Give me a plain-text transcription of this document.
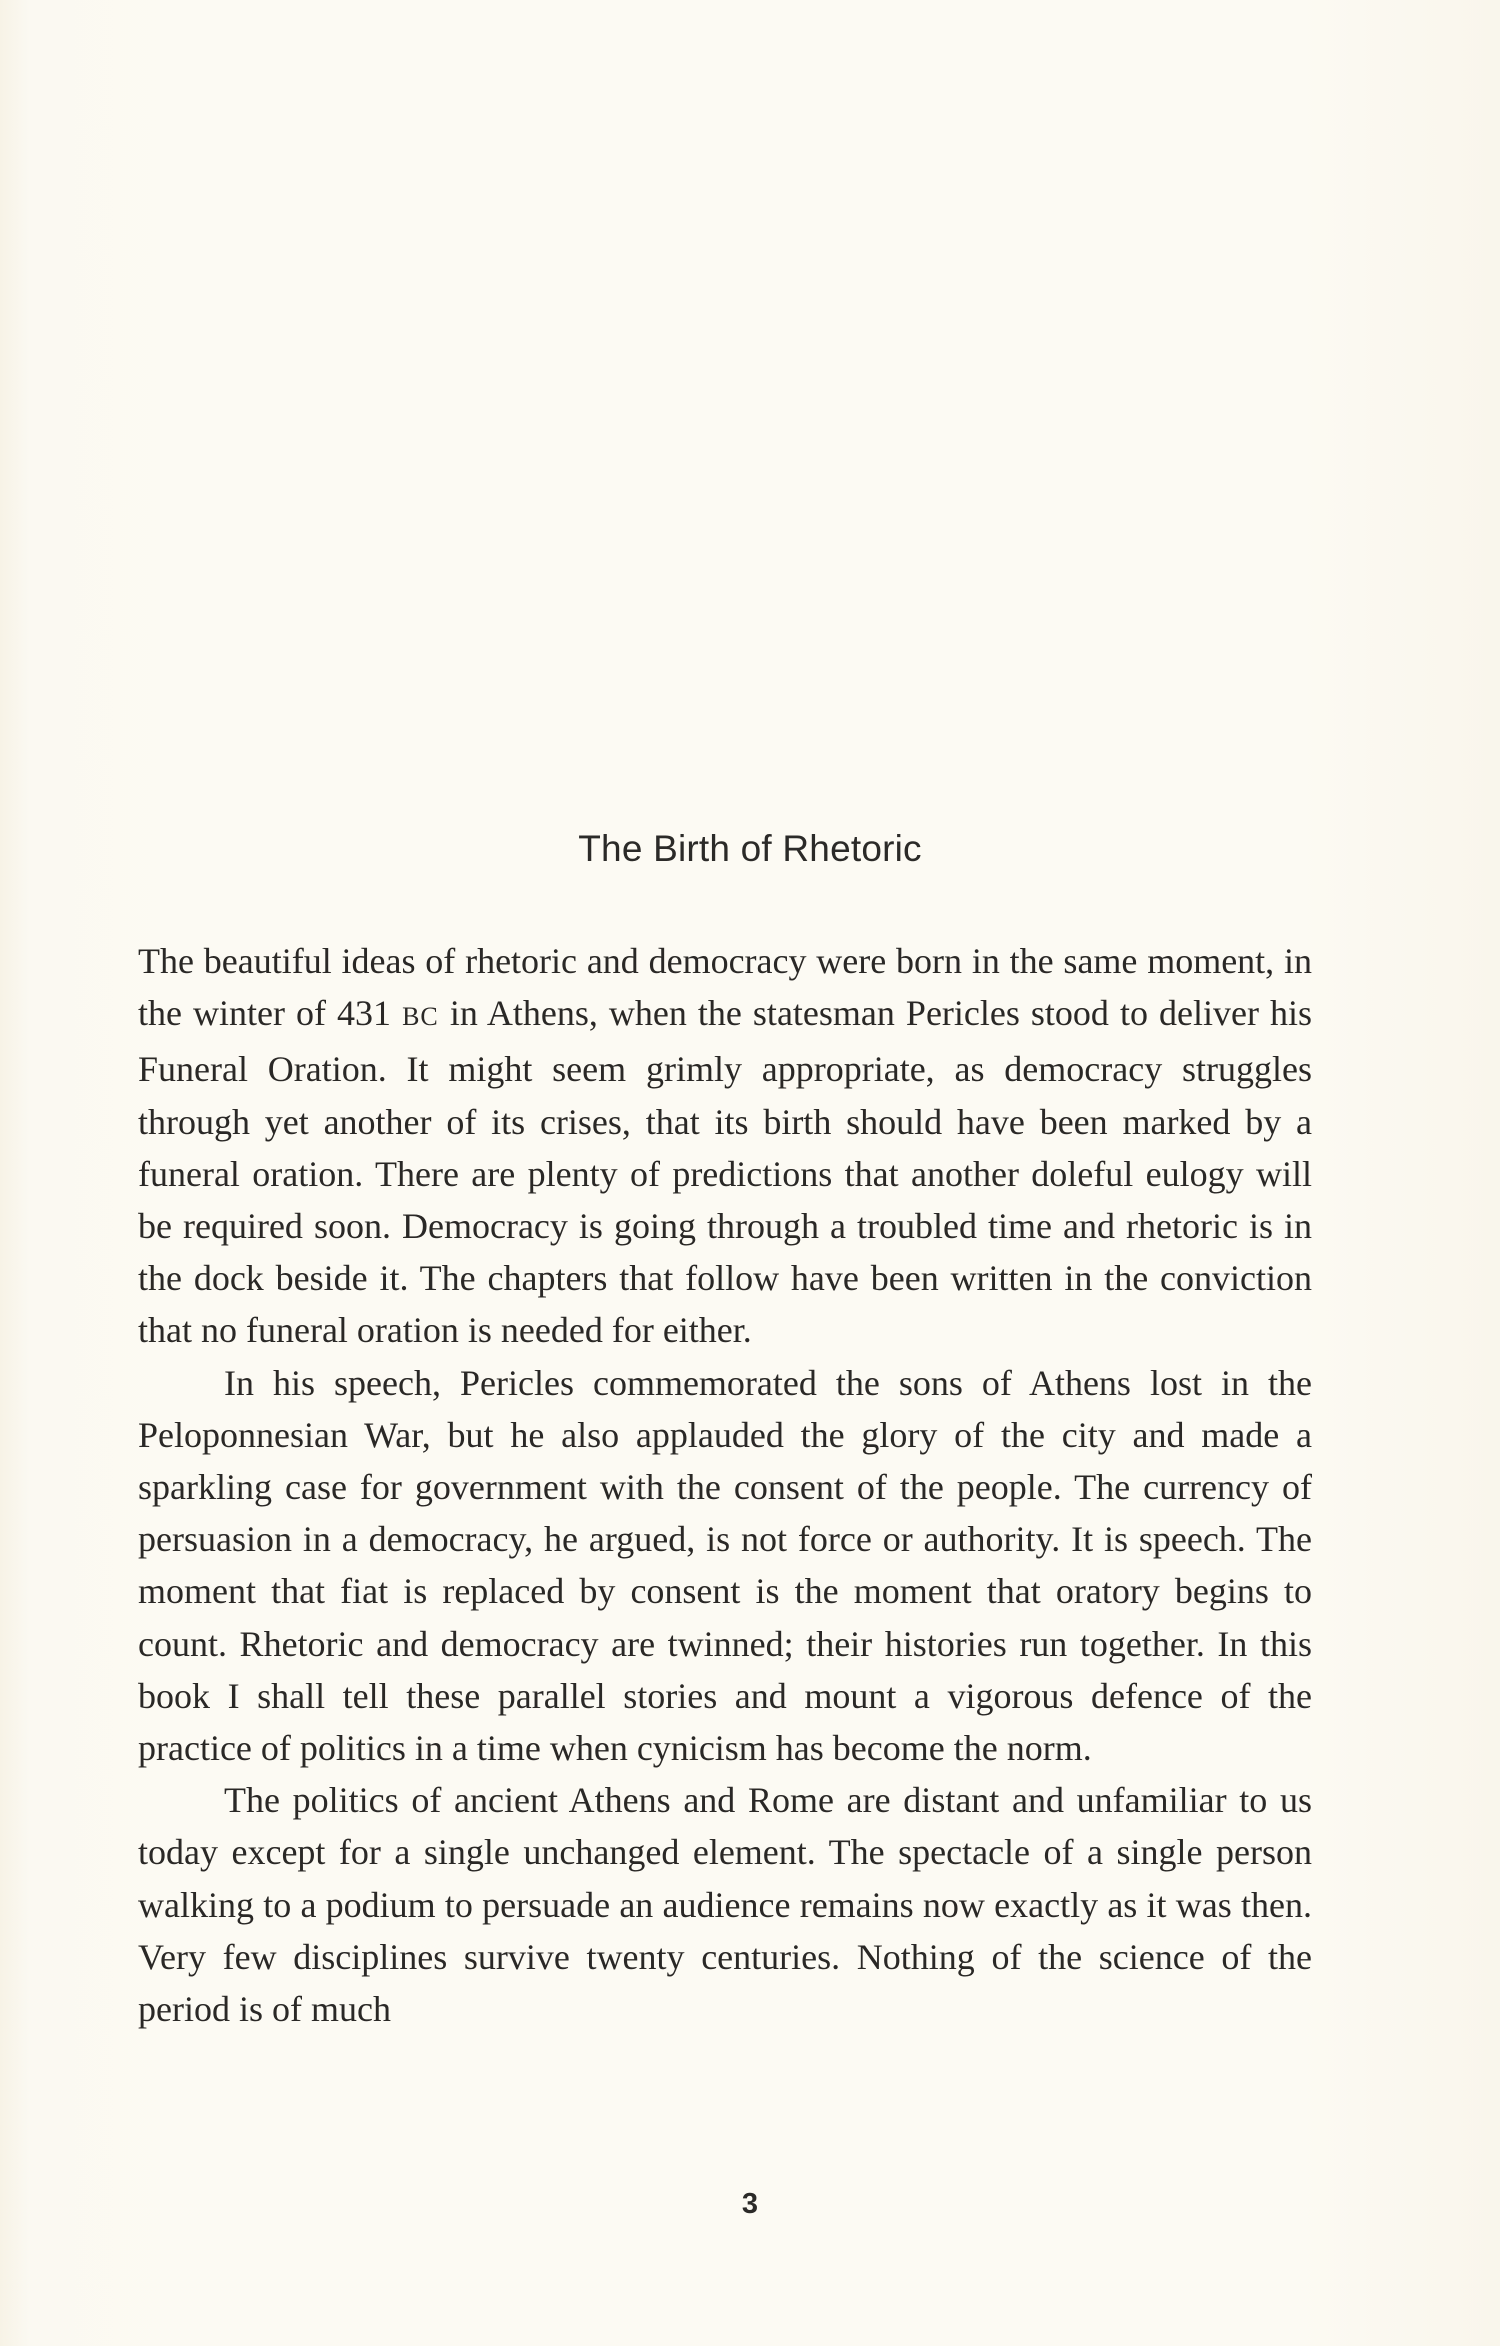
The Birth of Rhetoric

The beautiful ideas of rhetoric and democracy were born in the same moment, in the winter of 431 BC in Athens, when the statesman Pericles stood to deliver his Funeral Oration. It might seem grimly appropriate, as democracy struggles through yet another of its crises, that its birth should have been marked by a funeral oration. There are plenty of predictions that another doleful eulogy will be required soon. Democracy is going through a troubled time and rhetoric is in the dock beside it. The chapters that follow have been written in the conviction that no funeral oration is needed for either.

In his speech, Pericles commemorated the sons of Athens lost in the Peloponnesian War, but he also applauded the glory of the city and made a sparkling case for government with the consent of the people. The currency of persuasion in a democracy, he argued, is not force or authority. It is speech. The moment that fiat is replaced by consent is the moment that oratory begins to count. Rhetoric and democracy are twinned; their histories run together. In this book I shall tell these parallel stories and mount a vigorous defence of the practice of politics in a time when cynicism has become the norm.

The politics of ancient Athens and Rome are distant and unfamiliar to us today except for a single unchanged element. The spectacle of a single person walking to a podium to persuade an audience remains now exactly as it was then. Very few disciplines survive twenty centuries. Nothing of the science of the period is of much

3
